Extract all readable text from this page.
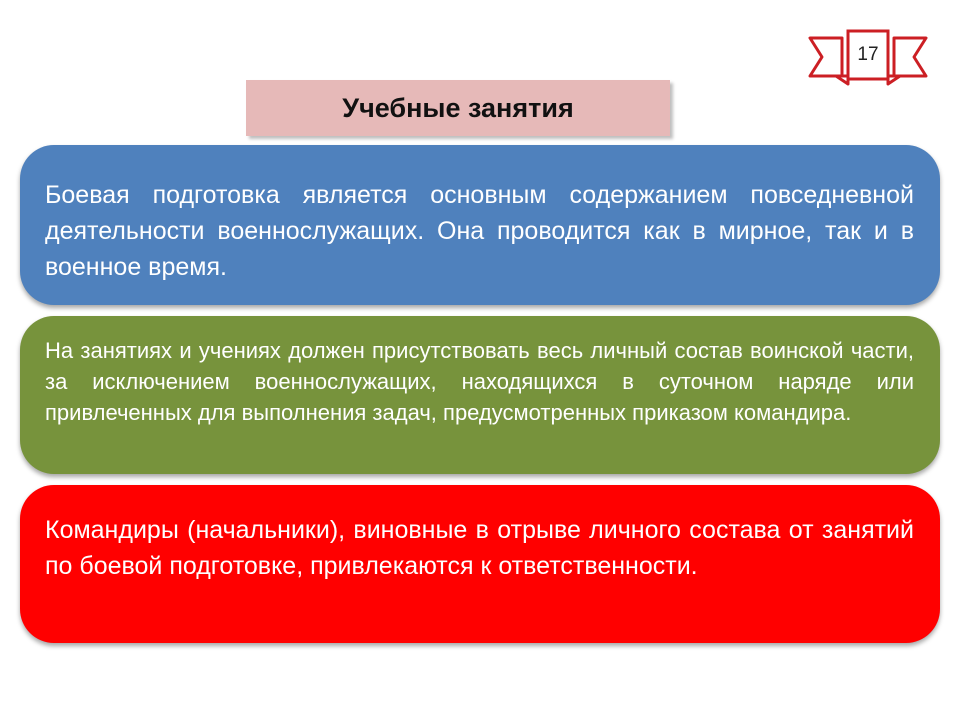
17
Учебные занятия
Боевая подготовка является основным содержанием повседневной деятельности военнослужащих. Она проводится как в мирное, так и в военное время.
На занятиях и учениях должен присутствовать весь личный состав воинской части, за исключением военнослужащих, находящихся в суточном наряде или привлеченных для выполнения задач, предусмотренных приказом командира.
Командиры (начальники), виновные в отрыве личного состава от занятий по боевой подготовке, привлекаются к ответственности.
